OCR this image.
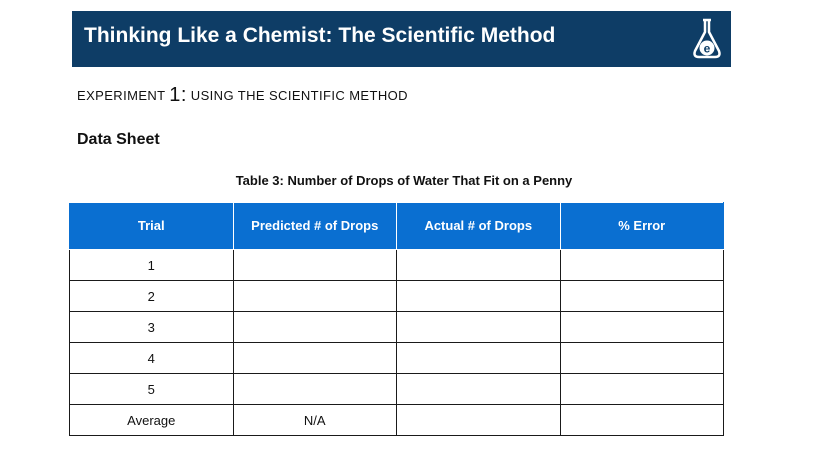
Thinking Like a Chemist: The Scientific Method
e
EXPERIMENT 1: USING THE SCIENTIFIC METHOD
Data Sheet
Table 3: Number of Drops of Water That Fit on a Penny
Trial	Predicted # of Drops	Actual # of Drops	% Error
1			
2			
3			
4			
5			
Average	N/A		
